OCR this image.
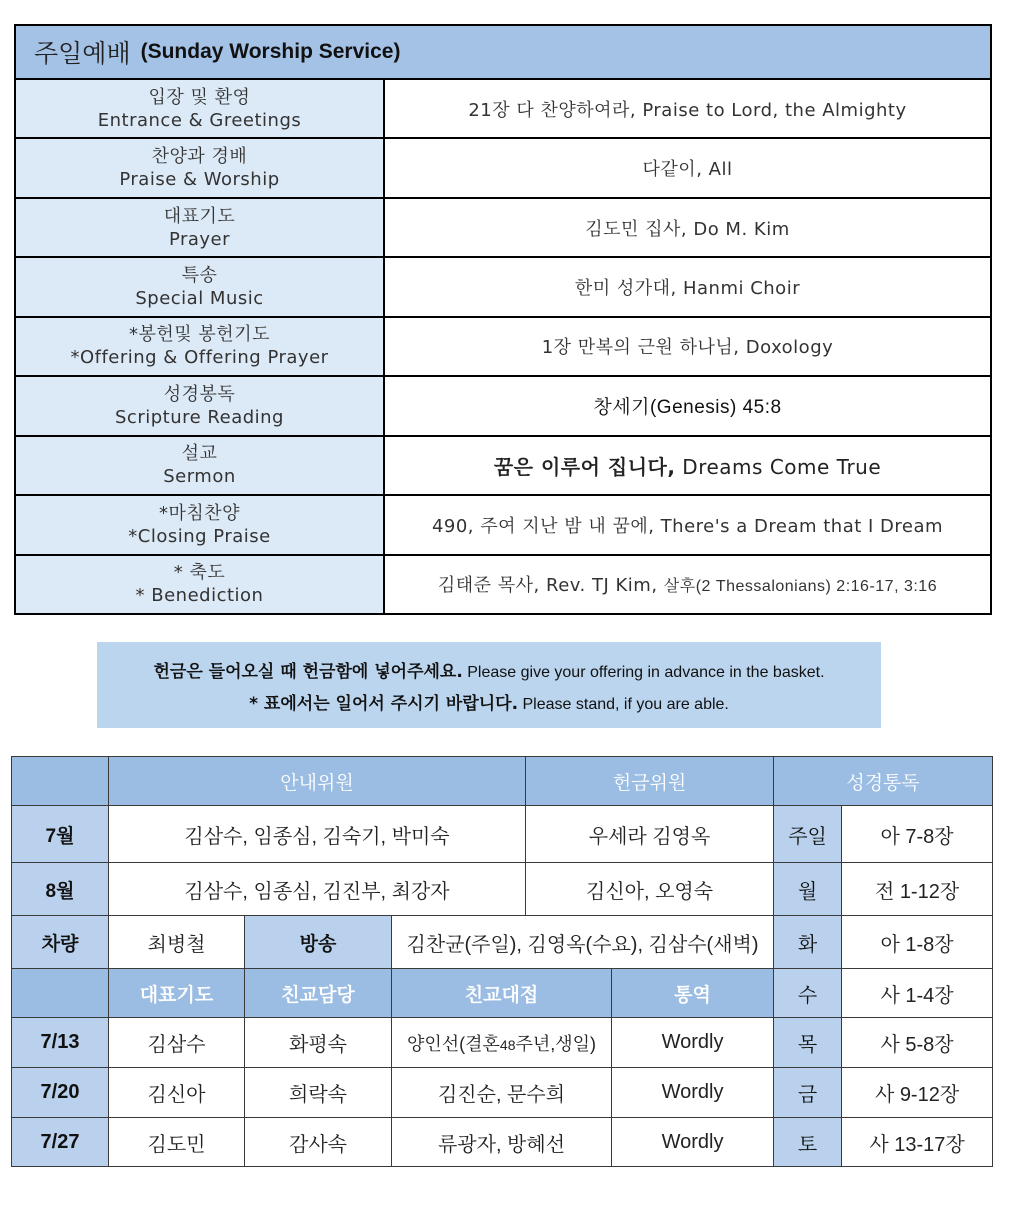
주일예배 (Sunday Worship Service)	

입장 및 환영
Entrance & Greetings	21장 다 찬양하여라, Praise to Lord, the Almighty

찬양과 경배
Praise & Worship	다같이, All

대표기도
Prayer	김도민 집사, Do M. Kim

특송
Special Music	한미 성가대, Hanmi Choir

*봉헌및 봉헌기도
*Offering & Offering Prayer	1장 만복의 근원 하나님, Doxology

성경봉독
Scripture Reading	창세기(Genesis) 45:8

설교
Sermon	꿈은 이루어 집니다, Dreams Come True

*마침찬양
*Closing Praise	490, 주여 지난 밤 내 꿈에, There's a Dream that I Dream

* 축도
* Benediction	김태준 목사, Rev. TJ Kim, 살후(2 Thessalonians) 2:16-17, 3:16
헌금은 들어오실 때 헌금함에 넣어주세요. Please give your offering in advance in the basket.
* 표에서는 일어서 주시기 바랍니다. Please stand, if you are able.
	안내위원			헌금위원		성경통독	
7월	김삼수, 임종심, 김숙기, 박미숙			우세라 김영옥		주일	아 7-8장
8월	김삼수, 임종심, 김진부, 최강자			김신아, 오영숙		월	전 1-12장
차량	최병철	방송	김찬균(주일), 김영옥(수요), 김삼수(새벽)			화	아 1-8장
	대표기도	친교담당	친교대접		통역	수	사 1-4장
7/13	김삼수	화평속	양인선(결혼48주년,생일)		Wordly	목	사 5-8장
7/20	김신아	희락속	김진순, 문수희		Wordly	금	사 9-12장
7/27	김도민	감사속	류광자, 방혜선		Wordly	토	사 13-17장
